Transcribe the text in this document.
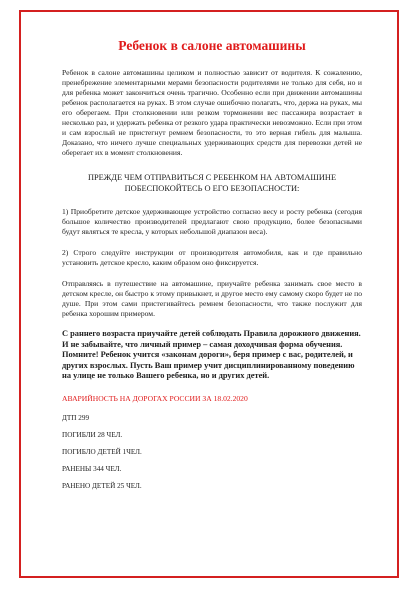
Ребенок в салоне автомашины

Ребенок в салоне автомашины целиком и полностью зависит от водителя. К сожалению, пренебрежение элементарными мерами безопасности родителями не только для себя, но и для ребенка может закончиться очень трагично. Особенно если при движении автомашины ребенок располагается на руках. В этом случае ошибочно полагать, что, держа на руках, мы его оберегаем. При столкновении или резком торможении вес пассажира возрастает в несколько раз, и удержать ребенка от резкого удара практически невозможно. Если при этом и сам взрослый не пристегнут ремнем безопасности, то это верная гибель для малыша. Доказано, что ничего лучше специальных удерживающих средств для перевозки детей не оберегает их в момент столкновения.

ПРЕЖДЕ ЧЕМ ОТПРАВИТЬСЯ С РЕБЕНКОМ НА АВТОМАШИНЕ ПОБЕСПОКОЙТЕСЬ О ЕГО БЕЗОПАСНОСТИ:

1) Приобретите детское удерживающее устройство согласно весу и росту ребенка (сегодня большое количество производителей предлагают свою продукцию, более безопасными будут являться те кресла, у которых небольшой диапазон веса).

2) Строго следуйте инструкции от производителя автомобиля, как и где правильно установить детское кресло, каким образом оно фиксируется.

Отправляясь в путешествие на автомашине, приучайте ребенка занимать свое место в детском кресле, он быстро к этому привыкнет, и другое место ему самому скоро будет не по душе. При этом сами пристегивайтесь ремнем безопасности, что также послужит для ребенка хорошим примером.

С раннего возраста приучайте детей соблюдать Правила дорожного движения. И не забывайте, что личный пример – самая доходчивая форма обучения. Помните! Ребенок учится «законам дороги», беря пример с вас, родителей, и других взрослых. Пусть Ваш пример учит дисциплинированному поведению на улице не только Вашего ребенка, но и других детей.

АВАРИЙНОСТЬ НА ДОРОГАХ РОССИИ ЗА 18.02.2020
ДТП 299
ПОГИБЛИ 28 ЧЕЛ.
ПОГИБЛО ДЕТЕЙ 1ЧЕЛ.
РАНЕНЫ 344 ЧЕЛ.
РАНЕНО ДЕТЕЙ 25 ЧЕЛ.
